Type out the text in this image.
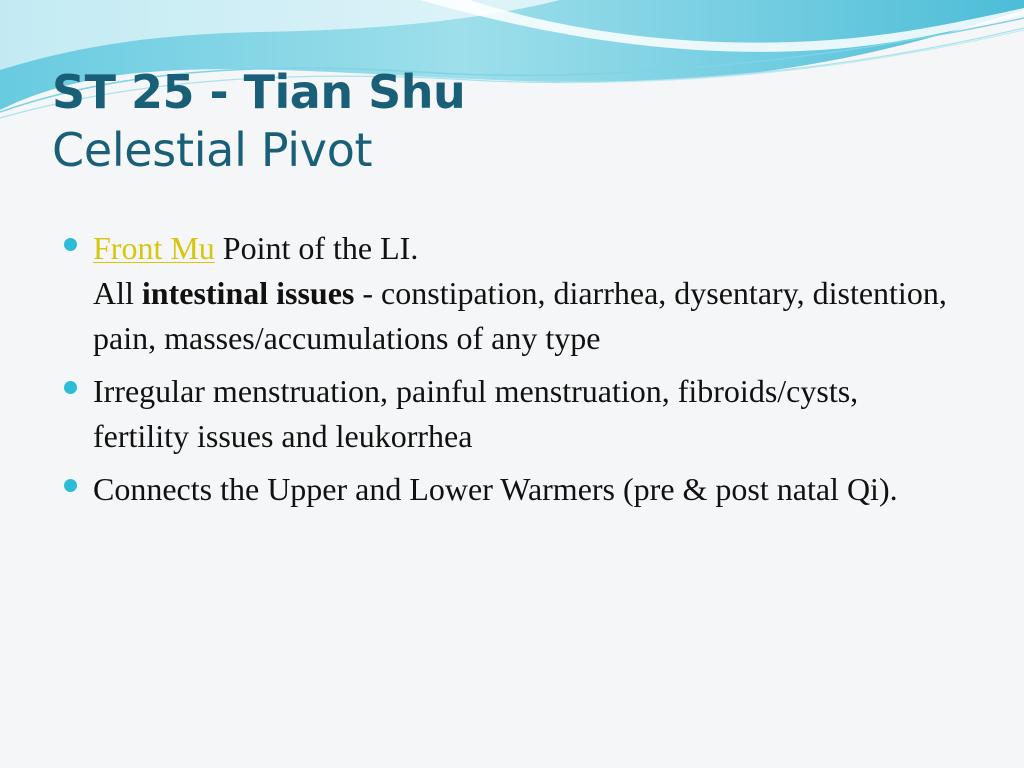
ST 25 - Tian Shu
Celestial Pivot
Front Mu Point of the LI.
All intestinal issues - constipation, diarrhea, dysentary, distention, pain, masses/accumulations of any type
Irregular menstruation, painful menstruation, fibroids/cysts, fertility issues and leukorrhea
Connects the Upper and Lower Warmers (pre & post natal Qi).
